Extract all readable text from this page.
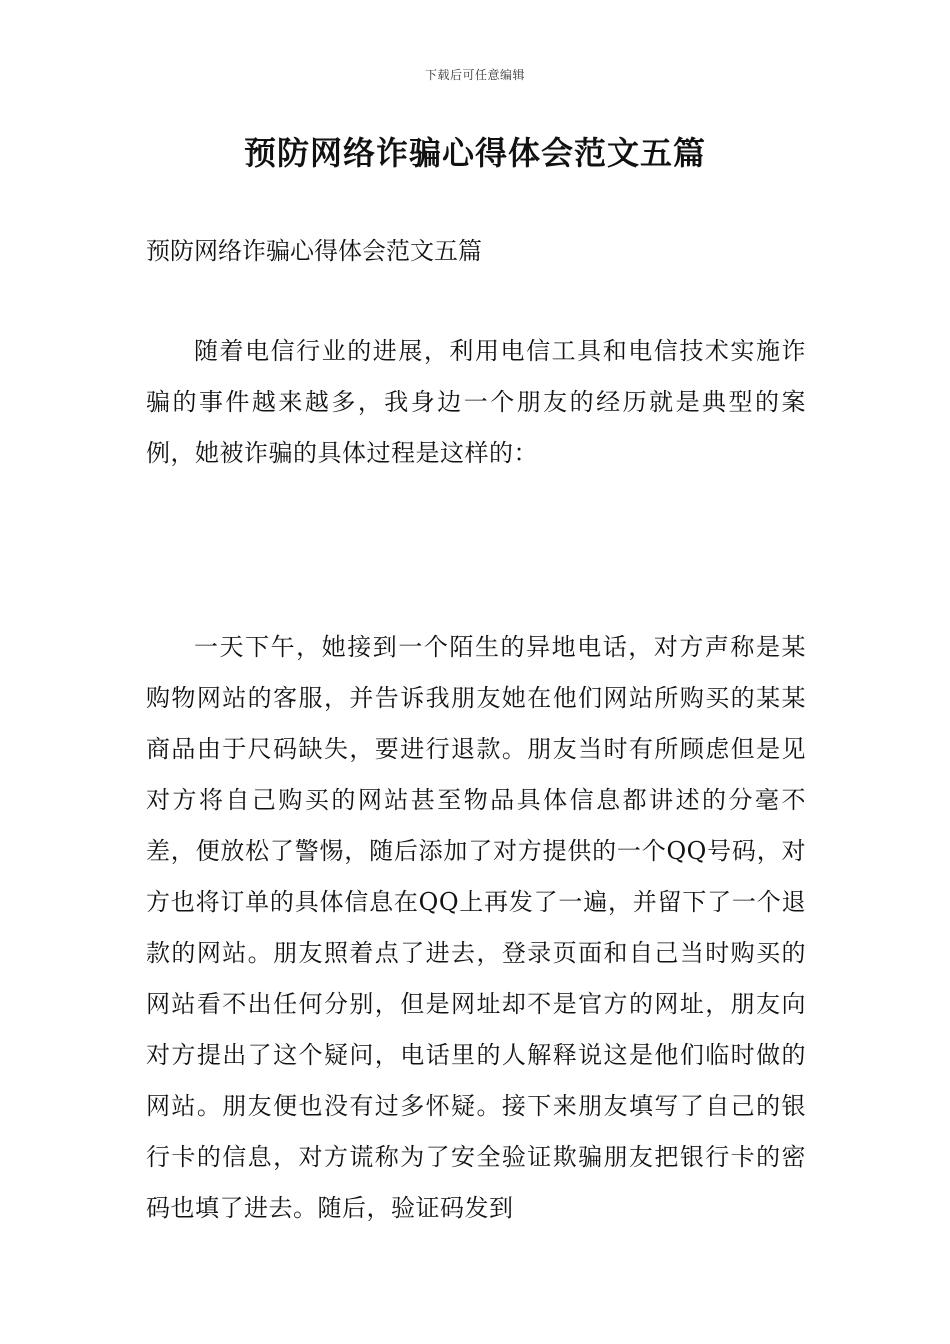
下载后可任意编辑
预防网络诈骗心得体会范文五篇

预防网络诈骗心得体会范文五篇

随着电信行业的进展，利用电信工具和电信技术实施诈骗的事件越来越多，我身边一个朋友的经历就是典型的案例，她被诈骗的具体过程是这样的：

一天下午，她接到一个陌生的异地电话，对方声称是某购物网站的客服，并告诉我朋友她在他们网站所购买的某某商品由于尺码缺失，要进行退款。朋友当时有所顾虑但是见对方将自己购买的网站甚至物品具体信息都讲述的分毫不差，便放松了警惕，随后添加了对方提供的一个QQ号码，对方也将订单的具体信息在QQ上再发了一遍，并留下了一个退款的网站。朋友照着点了进去，登录页面和自己当时购买的网站看不出任何分别，但是网址却不是官方的网址，朋友向对方提出了这个疑问，电话里的人解释说这是他们临时做的网站。朋友便也没有过多怀疑。接下来朋友填写了自己的银行卡的信息，对方谎称为了安全验证欺骗朋友把银行卡的密码也填了进去。随后，验证码发到
